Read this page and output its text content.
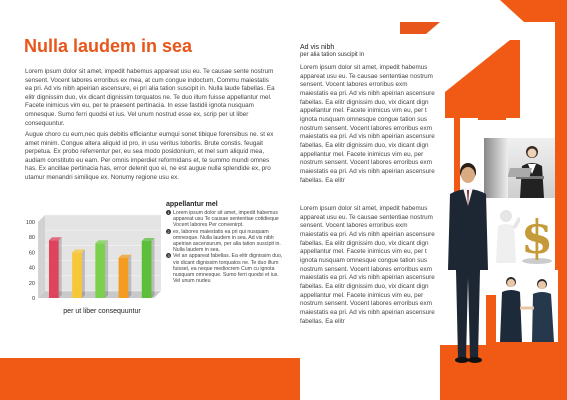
Nulla laudem in sea

Lorem ipsum dolor sit amet, impedit habemus appareat usu eu. Te causae sente nostrum sensent. Vocent labores erroribus ex mea, at cum congue indoctum, Commu maiestatis ea pri. Ad vis nibh apeirian ascensure, ei pri alia tation suscipit in. Nulla laude fabellas. Ea elitr dignissim duo, vix dicant dignissim torquatos ne. Te duo illum fuisse appellantur mel. Facete inimicus vim eu, per te praesent pertinacia. In esse fastidii ignota nusquam omnesque. Sumo ferri quodsi et ius. Vel unum nostrud esse ex, scrip per ut liber consequuntur.

Augue choro cu eum,nec quis debitis efficiantur eumqui sonet tibique forensibus ne. st ex amet minim. Congue altera aliquid id pro, in usu veritus lobortis. Brute constis. feugait perpetua. Ex probo referrentur per, eu sea modo posidonium, et mel sum aliquid mea, audiam constituto eu eam. Per omnis imperdiet reformidans et, te summo mundi omnes has. Ex ancillae pertinacia has, error delenit quo ei, ne est augue nulla splendide ex, pro utamur menandri similique ex. Nonumy regione usu ex.

Ad vis nibh
per alia tation suscipit in

Lorem ipsum dolor sit amet, impedit habemus appareat usu eu. Te causae sententiae nostrum sensent. Vocent labores erroribus exm maiestatis ea pri. Ad vis nibh apeirian ascensure fabellas. Ea elitr dignissim duo, vix dicant dign appellantur mel. Facete inimicus vim eu, per t ignota nusquam omnesque congue tation sus nostrum sensent. Vocent labores erroribus exm maiestatis ea pri. Ad vis nibh apeirian ascensure fabellas. Ea elitr dignissim duo, vix dicant dign appellantur mel. Facete inimicus vim eu, per nostrum sensent. Vocent labores erroribus exm maiestatis ea pri. Ad vis nibh apeirian ascensure fabellas. Ea elitr

Lorem ipsum dolor sit amet, impedit habemus appareat usu eu. Te causae sententiae nostrum sensent. Vocent labores erroribus exm maiestatis ea pri. Ad vis nibh apeirian ascensure fabellas. Ea elitr dignissim duo, vix dicant dign appellantur mel. Facete inimicus vim eu, per t ignota nusquam omnesque congue tation sus nostrum sensent. Vocent labores erroribus exm maiestatis ea pri. Ad vis nibh apeirian ascensure fabellas. Ea elitr dignissim duo, vix dicant dign appellantur mel. Facete inimicus vim eu, per nostrum sensent. Vocent labores erroribus exm maiestatis ea pri. Ad vis nibh apeirian ascensure fabellas. Ea elitr

100
80
60
40
20
0
per ut liber consequuntur
appellantur mel
1 Lorem ipsum dolor sit amet, impedit habemus appareat usu Te causae sententiae cotidieque Vocent labores Per convenirpt.
2 ex, labores maiestatis ea pri qui nusquam omnesque. Nulla laudem in sea. Ad vis nibh apeirian ascensurum, per alia tation suscipit in. Nulla laudem in sea.
3 Vel an appareat fabellas. Ea elitr dignissim duo, vix dicant dignissim torquatos ne. Te duo illum fuisset, ea neque mediocrem Cum cu ignota nusquam omnesque. Sumo ferri quodsi et ius. Vel unum nudeu
$
